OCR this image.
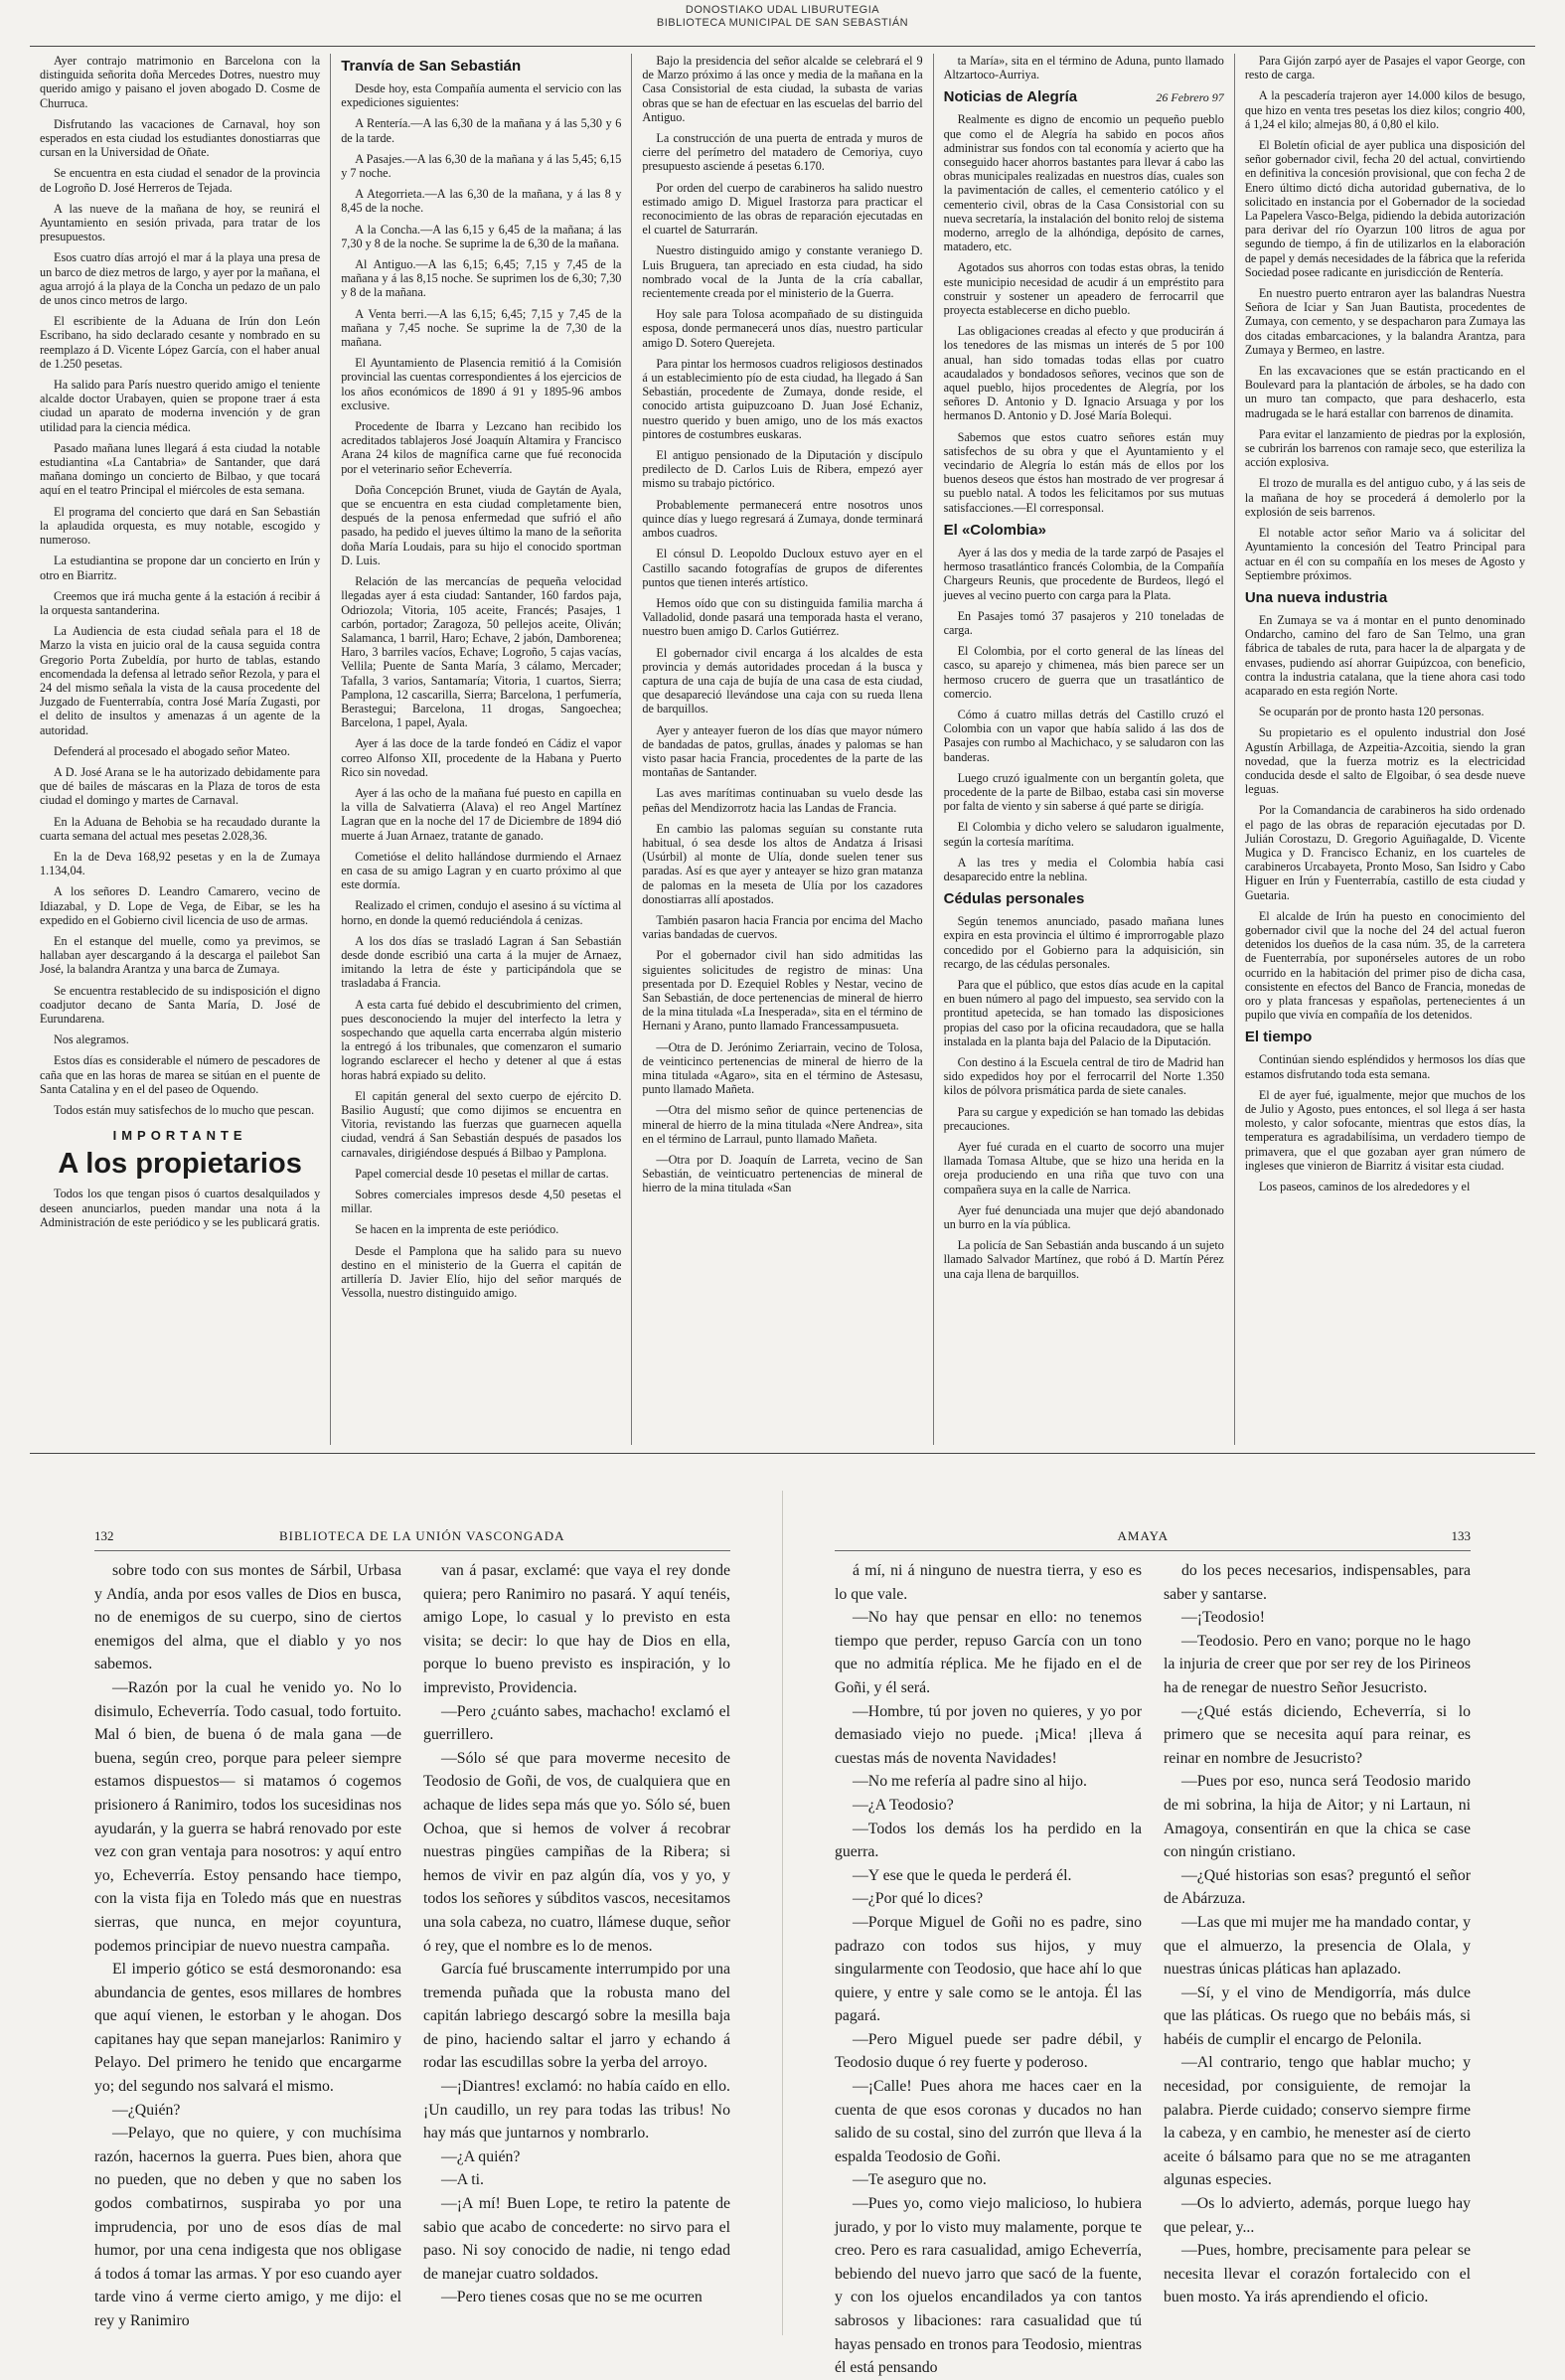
DONOSTIAKO UDAL LIBURUTEGIA
BIBLIOTECA MUNICIPAL DE SAN SEBASTIÁN

Ayer contrajo matrimonio en Barcelona con la distinguida señorita doña Mercedes Dotres, nuestro muy querido amigo y paisano el joven abogado D. Cosme de Churruca.

Disfrutando las vacaciones de Carnaval, hoy son esperados en esta ciudad los estudiantes donostiarras que cursan en la Universidad de Oñate.

Se encuentra en esta ciudad el senador de la provincia de Logroño D. José Herreros de Tejada.

A las nueve de la mañana de hoy, se reunirá el Ayuntamiento en sesión privada, para tratar de los presupuestos.

Esos cuatro días arrojó el mar á la playa una presa de un barco de diez metros de largo, y ayer por la mañana, el agua arrojó á la playa de la Concha un pedazo de un palo de unos cinco metros de largo.

El escribiente de la Aduana de Irún don León Escribano, ha sido declarado cesante y nombrado en su reemplazo á D. Vicente López García, con el haber anual de 1.250 pesetas.

Ha salido para París nuestro querido amigo el teniente alcalde doctor Urabayen, quien se propone traer á esta ciudad un aparato de moderna invención y de gran utilidad para la ciencia médica.

Pasado mañana lunes llegará á esta ciudad la notable estudiantina «La Cantabria» de Santander, que dará mañana domingo un concierto de Bilbao, y que tocará aquí en el teatro Principal el miércoles de esta semana.

El programa del concierto que dará en San Sebastián la aplaudida orquesta, es muy notable, escogido y numeroso.

La estudiantina se propone dar un concierto en Irún y otro en Biarritz.

Creemos que irá mucha gente á la estación á recibir á la orquesta santanderina.

La Audiencia de esta ciudad señala para el 18 de Marzo la vista en juicio oral de la causa seguida contra Gregorio Porta Zubeldía, por hurto de tablas, estando encomendada la defensa al letrado señor Rezola, y para el 24 del mismo señala la vista de la causa procedente del Juzgado de Fuenterrabía, contra José María Zugasti, por el delito de insultos y amenazas á un agente de la autoridad.

Defenderá al procesado el abogado señor Mateo.

A D. José Arana se le ha autorizado debidamente para que dé bailes de máscaras en la Plaza de toros de esta ciudad el domingo y martes de Carnaval.

En la Aduana de Behobia se ha recaudado durante la cuarta semana del actual mes pesetas 2.028,36.

En la de Deva 168,92 pesetas y en la de Zumaya 1.134,04.

A los señores D. Leandro Camarero, vecino de Idiazabal, y D. Lope de Vega, de Eibar, se les ha expedido en el Gobierno civil licencia de uso de armas.

En el estanque del muelle, como ya previmos, se hallaban ayer descargando á la descarga el pailebot San José, la balandra Arantza y una barca de Zumaya.

Se encuentra restablecido de su indisposición el digno coadjutor decano de Santa María, D. José de Eurundarena.

Nos alegramos.

Estos días es considerable el número de pescadores de caña que en las horas de marea se sitúan en el puente de Santa Catalina y en el del paseo de Oquendo.

Todos están muy satisfechos de lo mucho que pescan.

IMPORTANTE
A los propietarios

Todos los que tengan pisos ó cuartos desalquilados y deseen anunciarlos, pueden mandar una nota á la Administración de este periódico y se les publicará gratis.

Tranvía de San Sebastián

Desde hoy, esta Compañía aumenta el servicio con las expediciones siguientes:

A Rentería.—A las 6,30 de la mañana y á las 5,30 y 6 de la tarde.

A Pasajes.—A las 6,30 de la mañana y á las 5,45; 6,15 y 7 noche.

A Ategorrieta.—A las 6,30 de la mañana, y á las 8 y 8,45 de la noche.

A la Concha.—A las 6,15 y 6,45 de la mañana; á las 7,30 y 8 de la noche. Se suprime la de 6,30 de la mañana.

Al Antiguo.—A las 6,15; 6,45; 7,15 y 7,45 de la mañana y á las 8,15 noche. Se suprimen los de 6,30; 7,30 y 8 de la mañana.

A Venta berri.—A las 6,15; 6,45; 7,15 y 7,45 de la mañana y 7,45 noche. Se suprime la de 7,30 de la mañana.

El Ayuntamiento de Plasencia remitió á la Comisión provincial las cuentas correspondientes á los ejercicios de los años económicos de 1890 á 91 y 1895-96 ambos exclusive.

Procedente de Ibarra y Lezcano han recibido los acreditados tablajeros José Joaquín Altamira y Francisco Arana 24 kilos de magnífica carne que fué reconocida por el veterinario señor Echeverría.

Doña Concepción Brunet, viuda de Gaytán de Ayala, que se encuentra en esta ciudad completamente bien, después de la penosa enfermedad que sufrió el año pasado, ha pedido el jueves último la mano de la señorita doña María Loudais, para su hijo el conocido sportman D. Luis.

Relación de las mercancías de pequeña velocidad llegadas ayer á esta ciudad: Santander, 160 fardos paja, Odriozola; Vitoria, 105 aceite, Francés; Pasajes, 1 carbón, portador; Zaragoza, 50 pellejos aceite, Oliván; Salamanca, 1 barril, Haro; Echave, 2 jabón, Damborenea; Haro, 3 barriles vacíos, Echave; Logroño, 5 cajas vacías, Vellila; Puente de Santa María, 3 cálamo, Mercader; Tafalla, 3 varios, Santamaría; Vitoria, 1 cuartos, Sierra; Pamplona, 12 cascarilla, Sierra; Barcelona, 1 perfumería, Berastegui; Barcelona, 11 drogas, Sangoechea; Barcelona, 1 papel, Ayala.

Ayer á las doce de la tarde fondeó en Cádiz el vapor correo Alfonso XII, procedente de la Habana y Puerto Rico sin novedad.

Ayer á las ocho de la mañana fué puesto en capilla en la villa de Salvatierra (Alava) el reo Angel Martínez Lagran que en la noche del 17 de Diciembre de 1894 dió muerte á Juan Arnaez, tratante de ganado.

Cometióse el delito hallándose durmiendo el Arnaez en casa de su amigo Lagran y en cuarto próximo al que este dormía.

Realizado el crimen, condujo el asesino á su víctima al horno, en donde la quemó reduciéndola á cenizas.

A los dos días se trasladó Lagran á San Sebastián desde donde escribió una carta á la mujer de Arnaez, imitando la letra de éste y participándola que se trasladaba á Francia.

A esta carta fué debido el descubrimiento del crimen, pues desconociendo la mujer del interfecto la letra y sospechando que aquella carta encerraba algún misterio la entregó á los tribunales, que comenzaron el sumario logrando esclarecer el hecho y detener al que á estas horas habrá expiado su delito.

El capitán general del sexto cuerpo de ejército D. Basilio Augustí; que como dijimos se encuentra en Vitoria, revistando las fuerzas que guarnecen aquella ciudad, vendrá á San Sebastián después de pasados los carnavales, dirigiéndose después á Bilbao y Pamplona.

Papel comercial desde 10 pesetas el millar de cartas.

Sobres comerciales impresos desde 4,50 pesetas el millar.

Se hacen en la imprenta de este periódico.

Desde el Pamplona que ha salido para su nuevo destino en el ministerio de la Guerra el capitán de artillería D. Javier Elío, hijo del señor marqués de Vessolla, nuestro distinguido amigo.

Bajo la presidencia del señor alcalde se celebrará el 9 de Marzo próximo á las once y media de la mañana en la Casa Consistorial de esta ciudad, la subasta de varias obras que se han de efectuar en las escuelas del barrio del Antiguo.

La construcción de una puerta de entrada y muros de cierre del perímetro del matadero de Cemoriya, cuyo presupuesto asciende á pesetas 6.170.

Por orden del cuerpo de carabineros ha salido nuestro estimado amigo D. Miguel Irastorza para practicar el reconocimiento de las obras de reparación ejecutadas en el cuartel de Saturrarán.

Nuestro distinguido amigo y constante veraniego D. Luis Bruguera, tan apreciado en esta ciudad, ha sido nombrado vocal de la Junta de la cría caballar, recientemente creada por el ministerio de la Guerra.

Hoy sale para Tolosa acompañado de su distinguida esposa, donde permanecerá unos días, nuestro particular amigo D. Sotero Querejeta.

Para pintar los hermosos cuadros religiosos destinados á un establecimiento pío de esta ciudad, ha llegado á San Sebastián, procedente de Zumaya, donde reside, el conocido artista guipuzcoano D. Juan José Echaniz, nuestro querido y buen amigo, uno de los más exactos pintores de costumbres euskaras.

El antiguo pensionado de la Diputación y discípulo predilecto de D. Carlos Luis de Ribera, empezó ayer mismo su trabajo pictórico.

Probablemente permanecerá entre nosotros unos quince días y luego regresará á Zumaya, donde terminará ambos cuadros.

El cónsul D. Leopoldo Ducloux estuvo ayer en el Castillo sacando fotografías de grupos de diferentes puntos que tienen interés artístico.

Hemos oído que con su distinguida familia marcha á Valladolid, donde pasará una temporada hasta el verano, nuestro buen amigo D. Carlos Gutiérrez.

El gobernador civil encarga á los alcaldes de esta provincia y demás autoridades procedan á la busca y captura de una caja de bujía de una casa de esta ciudad, que desapareció llevándose una caja con su rueda llena de barquillos.

Ayer y anteayer fueron de los días que mayor número de bandadas de patos, grullas, ánades y palomas se han visto pasar hacia Francia, procedentes de la parte de las montañas de Santander.

Las aves marítimas continuaban su vuelo desde las peñas del Mendizorrotz hacia las Landas de Francia.

En cambio las palomas seguían su constante ruta habitual, ó sea desde los altos de Andatza á Irisasi (Usúrbil) al monte de Ulía, donde suelen tener sus paradas. Así es que ayer y anteayer se hizo gran matanza de palomas en la meseta de Ulía por los cazadores donostiarras allí apostados.

También pasaron hacia Francia por encima del Macho varias bandadas de cuervos.

Por el gobernador civil han sido admitidas las siguientes solicitudes de registro de minas: Una presentada por D. Ezequiel Robles y Nestar, vecino de San Sebastián, de doce pertenencias de mineral de hierro de la mina titulada «La Inesperada», sita en el término de Hernani y Arano, punto llamado Francessampusueta.

—Otra de D. Jerónimo Zeriarrain, vecino de Tolosa, de veinticinco pertenencias de mineral de hierro de la mina titulada «Agaro», sita en el término de Astesasu, punto llamado Mañeta.

—Otra del mismo señor de quince pertenencias de mineral de hierro de la mina titulada «Nere Andrea», sita en el término de Larraul, punto llamado Mañeta.

—Otra por D. Joaquín de Larreta, vecino de San Sebastián, de veinticuatro pertenencias de mineral de hierro de la mina titulada «San

ta María», sita en el término de Aduna, punto llamado Altzartoco-Aurriya.

Noticias de Alegría	26 Febrero 97

Realmente es digno de encomio un pequeño pueblo que como el de Alegría ha sabido en pocos años administrar sus fondos con tal economía y acierto que ha conseguido hacer ahorros bastantes para llevar á cabo las obras municipales realizadas en nuestros días, cuales son la pavimentación de calles, el cementerio católico y el cementerio civil, obras de la Casa Consistorial con su nueva secretaría, la instalación del bonito reloj de sistema moderno, arreglo de la alhóndiga, depósito de carnes, matadero, etc.

Agotados sus ahorros con todas estas obras, la tenido este municipio necesidad de acudir á un empréstito para construir y sostener un apeadero de ferrocarril que proyecta establecerse en dicho pueblo.

Las obligaciones creadas al efecto y que producirán á los tenedores de las mismas un interés de 5 por 100 anual, han sido tomadas todas ellas por cuatro acaudalados y bondadosos señores, vecinos que son de aquel pueblo, hijos procedentes de Alegría, por los señores D. Antonio y D. Ignacio Arsuaga y por los hermanos D. Antonio y D. José María Bolequi.

Sabemos que estos cuatro señores están muy satisfechos de su obra y que el Ayuntamiento y el vecindario de Alegría lo están más de ellos por los buenos deseos que éstos han mostrado de ver progresar á su pueblo natal. A todos les felicitamos por sus mutuas satisfacciones.—El corresponsal.

El «Colombia»

Ayer á las dos y media de la tarde zarpó de Pasajes el hermoso trasatlántico francés Colombia, de la Compañía Chargeurs Reunis, que procedente de Burdeos, llegó el jueves al vecino puerto con carga para la Plata.

En Pasajes tomó 37 pasajeros y 210 toneladas de carga.

El Colombia, por el corto general de las líneas del casco, su aparejo y chimenea, más bien parece ser un hermoso crucero de guerra que un trasatlántico de comercio.

Cómo á cuatro millas detrás del Castillo cruzó el Colombia con un vapor que había salido á las dos de Pasajes con rumbo al Machichaco, y se saludaron con las banderas.

Luego cruzó igualmente con un bergantín goleta, que procedente de la parte de Bilbao, estaba casi sin moverse por falta de viento y sin saberse á qué parte se dirigía.

El Colombia y dicho velero se saludaron igualmente, según la cortesía marítima.

A las tres y media el Colombia había casi desaparecido entre la neblina.

Cédulas personales

Según tenemos anunciado, pasado mañana lunes expira en esta provincia el último é improrrogable plazo concedido por el Gobierno para la adquisición, sin recargo, de las cédulas personales.

Para que el público, que estos días acude en la capital en buen número al pago del impuesto, sea servido con la prontitud apetecida, se han tomado las disposiciones propias del caso por la oficina recaudadora, que se halla instalada en la planta baja del Palacio de la Diputación.

Con destino á la Escuela central de tiro de Madrid han sido expedidos hoy por el ferrocarril del Norte 1.350 kilos de pólvora prismática parda de siete canales.

Para su cargue y expedición se han tomado las debidas precauciones.

Ayer fué curada en el cuarto de socorro una mujer llamada Tomasa Altube, que se hizo una herida en la oreja produciendo en una riña que tuvo con una compañera suya en la calle de Narrica.

Ayer fué denunciada una mujer que dejó abandonado un burro en la vía pública.

La policía de San Sebastián anda buscando á un sujeto llamado Salvador Martínez, que robó á D. Martín Pérez una caja llena de barquillos.

Para Gijón zarpó ayer de Pasajes el vapor George, con resto de carga.

A la pescadería trajeron ayer 14.000 kilos de besugo, que hizo en venta tres pesetas los diez kilos; congrio 400, á 1,24 el kilo; almejas 80, á 0,80 el kilo.

El Boletín oficial de ayer publica una disposición del señor gobernador civil, fecha 20 del actual, convirtiendo en definitiva la concesión provisional, que con fecha 2 de Enero último dictó dicha autoridad gubernativa, de lo solicitado en instancia por el Gobernador de la sociedad La Papelera Vasco-Belga, pidiendo la debida autorización para derivar del río Oyarzun 100 litros de agua por segundo de tiempo, á fin de utilizarlos en la elaboración de papel y demás necesidades de la fábrica que la referida Sociedad posee radicante en jurisdicción de Rentería.

En nuestro puerto entraron ayer las balandras Nuestra Señora de Iciar y San Juan Bautista, procedentes de Zumaya, con cemento, y se despacharon para Zumaya las dos citadas embarcaciones, y la balandra Arantza, para Zumaya y Bermeo, en lastre.

En las excavaciones que se están practicando en el Boulevard para la plantación de árboles, se ha dado con un muro tan compacto, que para deshacerlo, esta madrugada se le hará estallar con barrenos de dinamita.

Para evitar el lanzamiento de piedras por la explosión, se cubrirán los barrenos con ramaje seco, que esteriliza la acción explosiva.

El trozo de muralla es del antiguo cubo, y á las seis de la mañana de hoy se procederá á demolerlo por la explosión de seis barrenos.

El notable actor señor Mario va á solicitar del Ayuntamiento la concesión del Teatro Principal para actuar en él con su compañía en los meses de Agosto y Septiembre próximos.

Una nueva industria

En Zumaya se va á montar en el punto denominado Ondarcho, camino del faro de San Telmo, una gran fábrica de tabales de ruta, para hacer la de alpargata y de envases, pudiendo así ahorrar Guipúzcoa, con beneficio, contra la industria catalana, que la tiene ahora casi todo acaparado en esta región Norte.

Se ocuparán por de pronto hasta 120 personas.

Su propietario es el opulento industrial don José Agustín Arbillaga, de Azpeitia-Azcoitia, siendo la gran novedad, que la fuerza motriz es la electricidad conducida desde el salto de Elgoibar, ó sea desde nueve leguas.

Por la Comandancia de carabineros ha sido ordenado el pago de las obras de reparación ejecutadas por D. Julián Corostazu, D. Gregorio Aguiñagalde, D. Vicente Mugica y D. Francisco Echaniz, en los cuarteles de carabineros Urcabayeta, Pronto Moso, San Isidro y Cabo Higuer en Irún y Fuenterrabía, castillo de esta ciudad y Guetaria.

El alcalde de Irún ha puesto en conocimiento del gobernador civil que la noche del 24 del actual fueron detenidos los dueños de la casa núm. 35, de la carretera de Fuenterrabía, por suponérseles autores de un robo ocurrido en la habitación del primer piso de dicha casa, consistente en efectos del Banco de Francia, monedas de oro y plata francesas y españolas, pertenecientes á un pupilo que vivía en compañía de los detenidos.

El tiempo

Continúan siendo espléndidos y hermosos los días que estamos disfrutando toda esta semana.

El de ayer fué, igualmente, mejor que muchos de los de Julio y Agosto, pues entonces, el sol llega á ser hasta molesto, y calor sofocante, mientras que estos días, la temperatura es agradabilísima, un verdadero tiempo de primavera, que el que gozaban ayer gran número de ingleses que vinieron de Biarritz á visitar esta ciudad.

Los paseos, caminos de los alrededores y el

132	BIBLIOTECA DE LA UNIÓN VASCONGADA

sobre todo con sus montes de Sárbil, Urbasa y Andía, anda por esos valles de Dios en busca, no de enemigos de su cuerpo, sino de ciertos enemigos del alma, que el diablo y yo nos sabemos.

—Razón por la cual he venido yo. No lo disimulo, Echeverría. Todo casual, todo fortuito. Mal ó bien, de buena ó de mala gana —de buena, según creo, porque para peleer siempre estamos dispuestos— si matamos ó cogemos prisionero á Ranimiro, todos los sucesidinas nos ayudarán, y la guerra se habrá renovado por este vez con gran ventaja para nosotros: y aquí entro yo, Echeverría. Estoy pensando hace tiempo, con la vista fija en Toledo más que en nuestras sierras, que nunca, en mejor coyuntura, podemos principiar de nuevo nuestra campaña.

El imperio gótico se está desmoronando: esa abundancia de gentes, esos millares de hombres que aquí vienen, le estorban y le ahogan. Dos capitanes hay que sepan manejarlos: Ranimiro y Pelayo. Del primero he tenido que encargarme yo; del segundo nos salvará el mismo.

—¿Quién?

—Pelayo, que no quiere, y con muchísima razón, hacernos la guerra. Pues bien, ahora que no pueden, que no deben y que no saben los godos combatirnos, suspiraba yo por una imprudencia, por uno de esos días de mal humor, por una cena indigesta que nos obligase á todos á tomar las armas. Y por eso cuando ayer tarde vino á verme cierto amigo, y me dijo: el rey y Ranimiro

van á pasar, exclamé: que vaya el rey donde quiera; pero Ranimiro no pasará. Y aquí tenéis, amigo Lope, lo casual y lo previsto en esta visita; se decir: lo que hay de Dios en ella, porque lo bueno previsto es inspiración, y lo imprevisto, Providencia.

—Pero ¿cuánto sabes, machacho! exclamó el guerrillero.

—Sólo sé que para moverme necesito de Teodosio de Goñi, de vos, de cualquiera que en achaque de lides sepa más que yo. Sólo sé, buen Ochoa, que si hemos de volver á recobrar nuestras pingües campiñas de la Ribera; si hemos de vivir en paz algún día, vos y yo, y todos los señores y súbditos vascos, necesitamos una sola cabeza, no cuatro, llámese duque, señor ó rey, que el nombre es lo de menos.

García fué bruscamente interrumpido por una tremenda puñada que la robusta mano del capitán labriego descargó sobre la mesilla baja de pino, haciendo saltar el jarro y echando á rodar las escudillas sobre la yerba del arroyo.

—¡Diantres! exclamó: no había caído en ello. ¡Un caudillo, un rey para todas las tribus! No hay más que juntarnos y nombrarlo.

—¿A quién?

—A ti.

—¡A mí! Buen Lope, te retiro la patente de sabio que acabo de concederte: no sirvo para el paso. Ni soy conocido de nadie, ni tengo edad de manejar cuatro soldados.

—Pero tienes cosas que no se me ocurren

AMAYA	133

á mí, ni á ninguno de nuestra tierra, y eso es lo que vale.

—No hay que pensar en ello: no tenemos tiempo que perder, repuso García con un tono que no admitía réplica. Me he fijado en el de Goñi, y él será.

—Hombre, tú por joven no quieres, y yo por demasiado viejo no puede. ¡Mica! ¡lleva á cuestas más de noventa Navidades!

—No me refería al padre sino al hijo.

—¿A Teodosio?

—Todos los demás los ha perdido en la guerra.

—Y ese que le queda le perderá él.

—¿Por qué lo dices?

—Porque Miguel de Goñi no es padre, sino padrazo con todos sus hijos, y muy singularmente con Teodosio, que hace ahí lo que quiere, y entre y sale como se le antoja. Él las pagará.

—Pero Miguel puede ser padre débil, y Teodosio duque ó rey fuerte y poderoso.

—¡Calle! Pues ahora me haces caer en la cuenta de que esos coronas y ducados no han salido de su costal, sino del zurrón que lleva á la espalda Teodosio de Goñi.

—Te aseguro que no.

—Pues yo, como viejo malicioso, lo hubiera jurado, y por lo visto muy malamente, porque te creo. Pero es rara casualidad, amigo Echeverría, bebiendo del nuevo jarro que sacó de la fuente, y con los ojuelos encandilados ya con tantos sabrosos y libaciones: rara casualidad que tú hayas pensado en tronos para Teodosio, mientras él está pensando

do los peces necesarios, indispensables, para saber y santarse.

—¡Teodosio!

—Teodosio. Pero en vano; porque no le hago la injuria de creer que por ser rey de los Pirineos ha de renegar de nuestro Señor Jesucristo.

—¿Qué estás diciendo, Echeverría, si lo primero que se necesita aquí para reinar, es reinar en nombre de Jesucristo?

—Pues por eso, nunca será Teodosio marido de mi sobrina, la hija de Aitor; y ni Lartaun, ni Amagoya, consentirán en que la chica se case con ningún cristiano.

—¿Qué historias son esas? preguntó el señor de Abárzuza.

—Las que mi mujer me ha mandado contar, y que el almuerzo, la presencia de Olala, y nuestras únicas pláticas han aplazado.

—Sí, y el vino de Mendigorría, más dulce que las pláticas. Os ruego que no bebáis más, si habéis de cumplir el encargo de Pelonila.

—Al contrario, tengo que hablar mucho; y necesidad, por consiguiente, de remojar la palabra. Pierde cuidado; conservo siempre firme la cabeza, y en cambio, he menester así de cierto aceite ó bálsamo para que no se me atraganten algunas especies.

—Os lo advierto, además, porque luego hay que pelear, y...

—Pues, hombre, precisamente para pelear se necesita llevar el corazón fortalecido con el buen mosto. Ya irás aprendiendo el oficio.
